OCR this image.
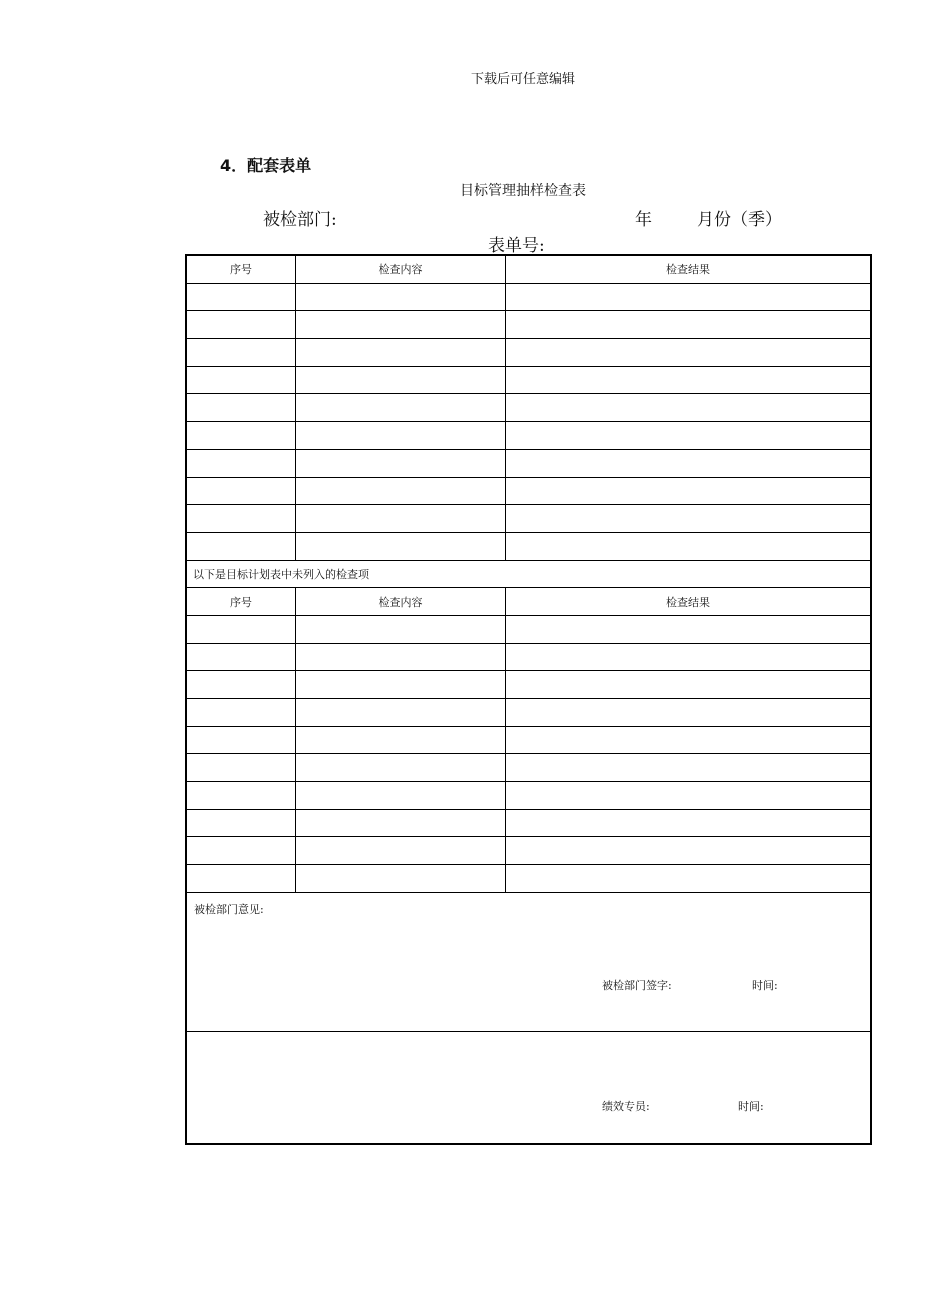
下载后可任意编辑
4．配套表单
目标管理抽样检查表
被检部门:	年	月份（季）
表单号:
序号	检查内容	检查结果
以下是目标计划表中未列入的检查项
序号	检查内容	检查结果
被检部门意见:
被检部门签字:	时间:
绩效专员:	时间:
